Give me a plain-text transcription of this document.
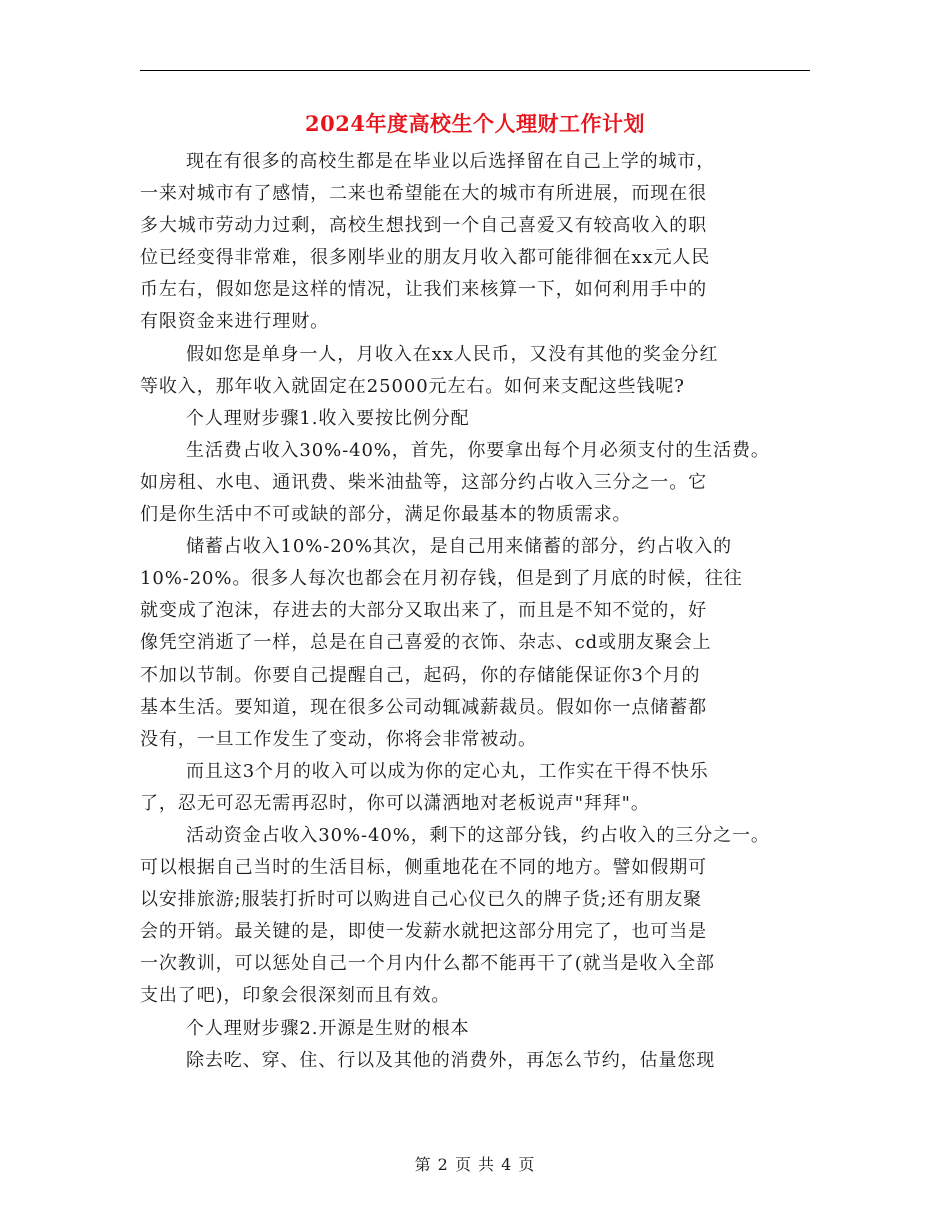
2024年度高校生个人理财工作计划
现在有很多的高校生都是在毕业以后选择留在自己上学的城市，
一来对城市有了感情，二来也希望能在大的城市有所进展，而现在很
多大城市劳动力过剩，高校生想找到一个自己喜爱又有较高收入的职
位已经变得非常难，很多刚毕业的朋友月收入都可能徘徊在xx元人民
币左右，假如您是这样的情况，让我们来核算一下，如何利用手中的
有限资金来进行理财。
假如您是单身一人，月收入在xx人民币，又没有其他的奖金分红
等收入，那年收入就固定在25000元左右。如何来支配这些钱呢?
个人理财步骤1.收入要按比例分配
生活费占收入30%-40%，首先，你要拿出每个月必须支付的生活费。
如房租、水电、通讯费、柴米油盐等，这部分约占收入三分之一。它
们是你生活中不可或缺的部分，满足你最基本的物质需求。
储蓄占收入10%-20%其次，是自己用来储蓄的部分，约占收入的
10%-20%。很多人每次也都会在月初存钱，但是到了月底的时候，往往
就变成了泡沫，存进去的大部分又取出来了，而且是不知不觉的，好
像凭空消逝了一样，总是在自己喜爱的衣饰、杂志、cd或朋友聚会上
不加以节制。你要自己提醒自己，起码，你的存储能保证你3个月的
基本生活。要知道，现在很多公司动辄减薪裁员。假如你一点储蓄都
没有，一旦工作发生了变动，你将会非常被动。
而且这3个月的收入可以成为你的定心丸，工作实在干得不快乐
了，忍无可忍无需再忍时，你可以潇洒地对老板说声"拜拜"。
活动资金占收入30%-40%，剩下的这部分钱，约占收入的三分之一。
可以根据自己当时的生活目标，侧重地花在不同的地方。譬如假期可
以安排旅游;服装打折时可以购进自己心仪已久的牌子货;还有朋友聚
会的开销。最关键的是，即使一发薪水就把这部分用完了，也可当是
一次教训，可以惩处自己一个月内什么都不能再干了(就当是收入全部
支出了吧)，印象会很深刻而且有效。
个人理财步骤2.开源是生财的根本
除去吃、穿、住、行以及其他的消费外，再怎么节约，估量您现
第 2 页 共 4 页
